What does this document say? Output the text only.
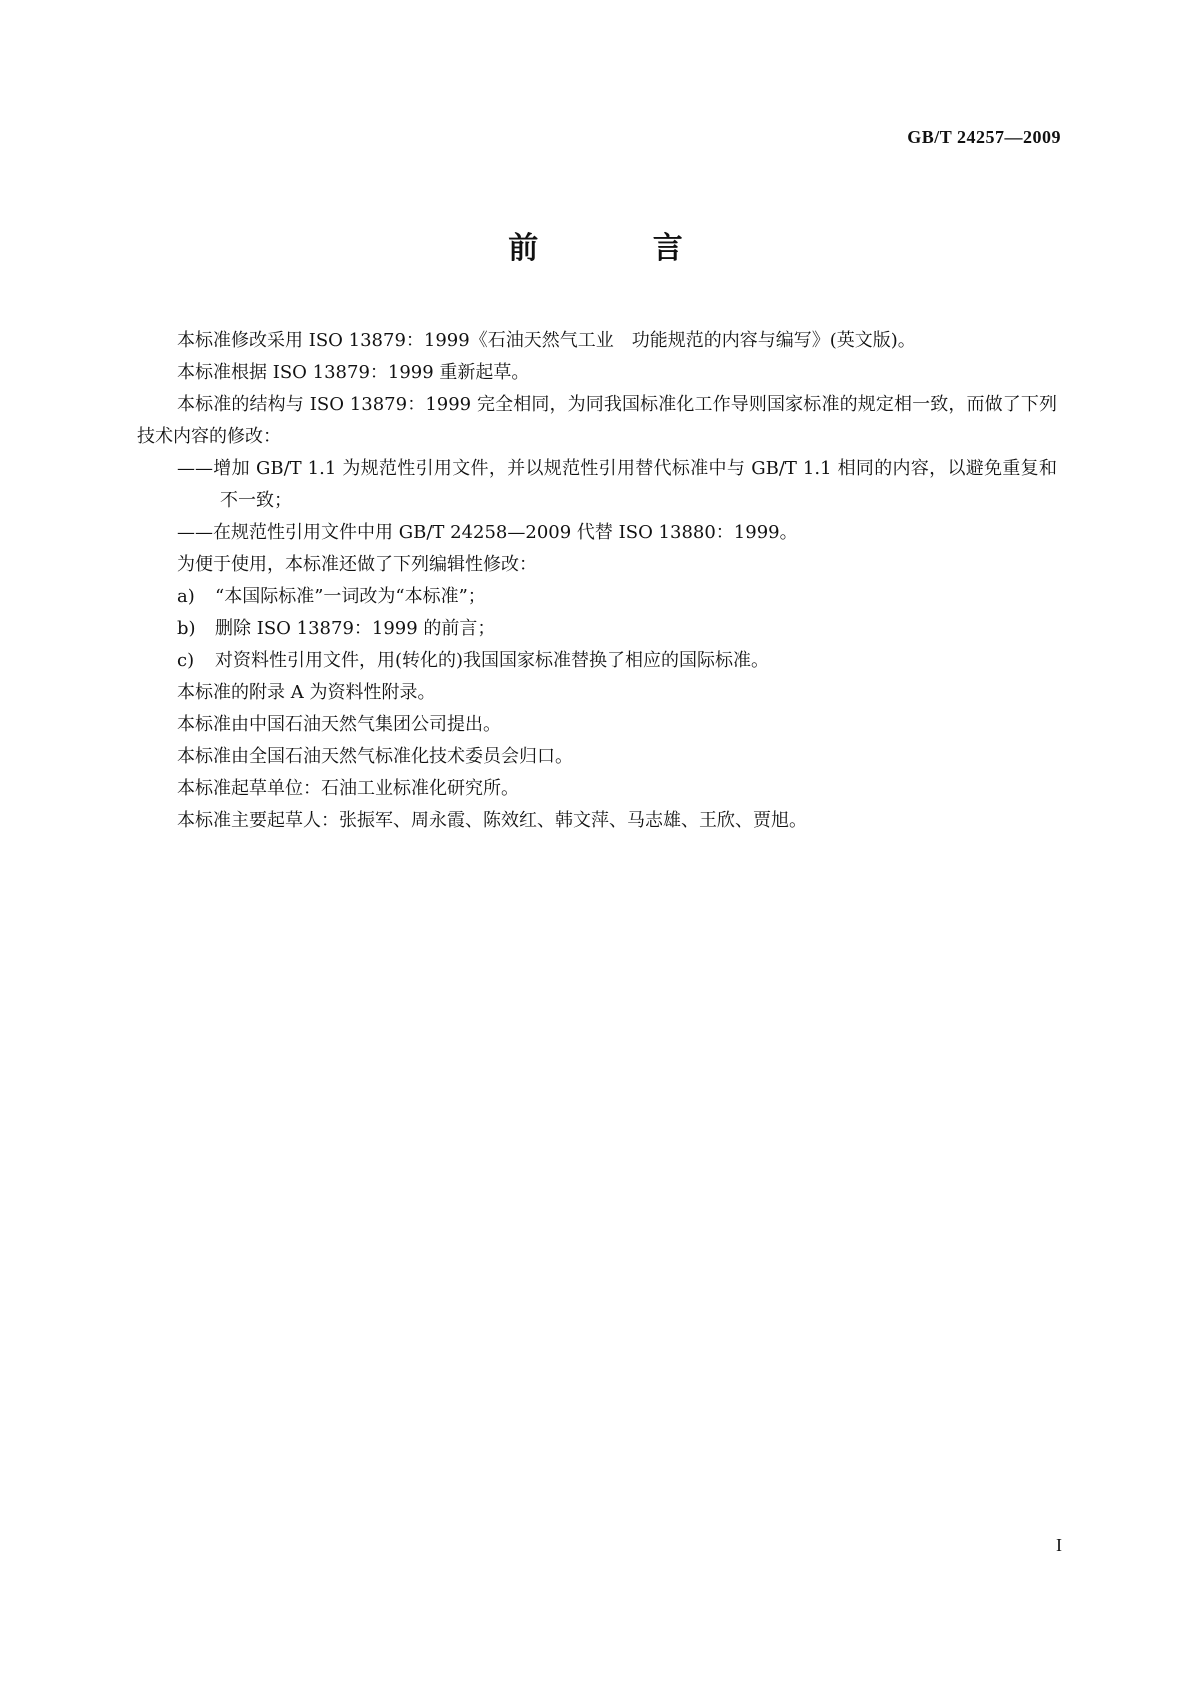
GB/T 24257—2009
前 言

本标准修改采用 ISO 13879：1999《石油天然气工业　功能规范的内容与编写》(英文版)。

本标准根据 ISO 13879：1999 重新起草。

本标准的结构与 ISO 13879：1999 完全相同，为同我国标准化工作导则国家标准的规定相一致，而做了下列技术内容的修改：

——增加 GB/T 1.1 为规范性引用文件，并以规范性引用替代标准中与 GB/T 1.1 相同的内容，以避免重复和不一致；

——在规范性引用文件中用 GB/T 24258—2009 代替 ISO 13880：1999。

为便于使用，本标准还做了下列编辑性修改：

a) “本国际标准”一词改为“本标准”；

b) 删除 ISO 13879：1999 的前言；

c) 对资料性引用文件，用(转化的)我国国家标准替换了相应的国际标准。

本标准的附录 A 为资料性附录。

本标准由中国石油天然气集团公司提出。

本标准由全国石油天然气标准化技术委员会归口。

本标准起草单位：石油工业标准化研究所。

本标准主要起草人：张振军、周永霞、陈效红、韩文萍、马志雄、王欣、贾旭。

I
